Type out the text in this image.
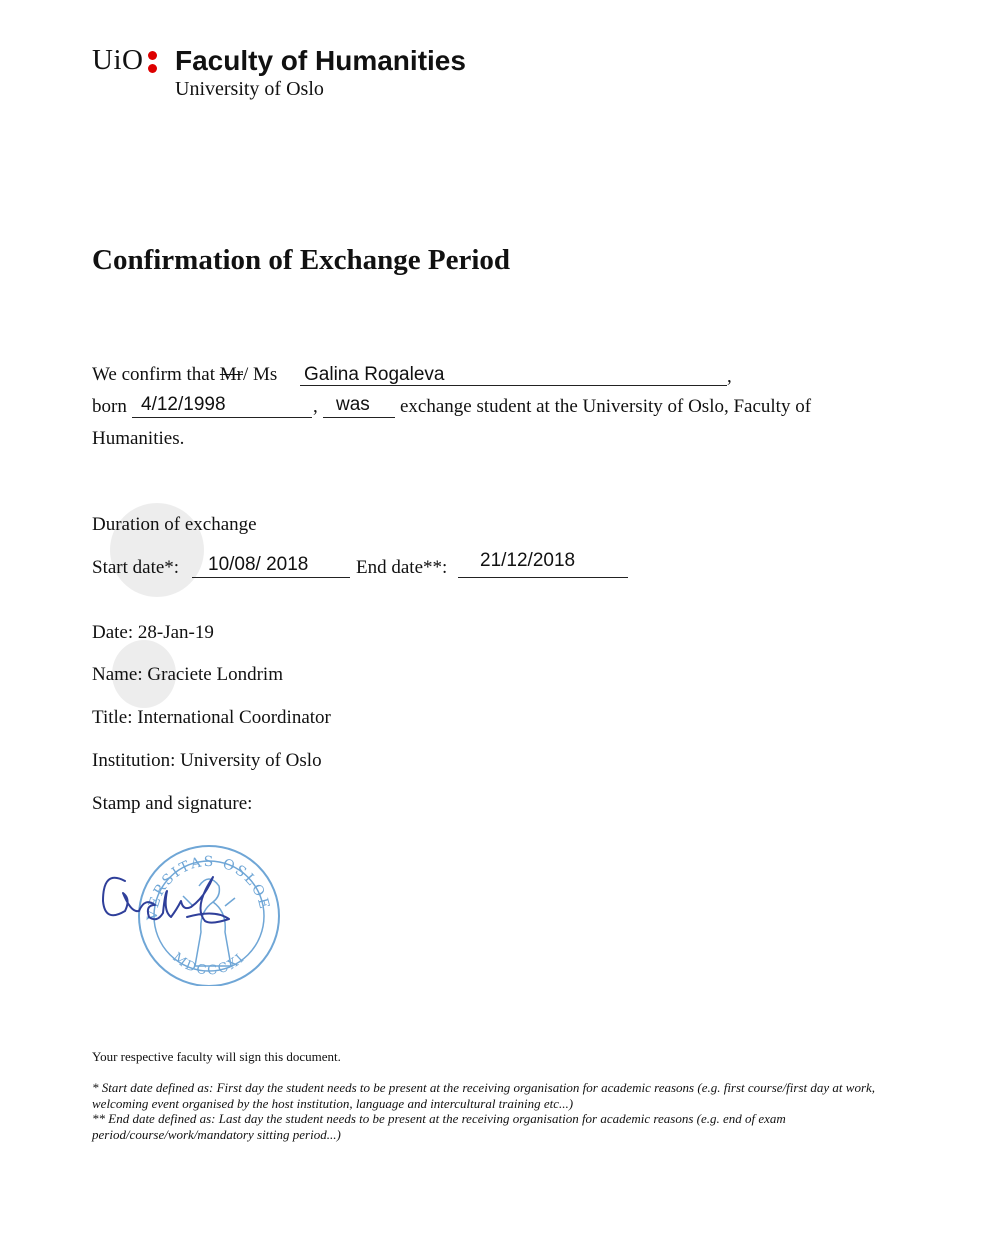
UiO Faculty of Humanities
University of Oslo
Confirmation of Exchange Period
We confirm that Mr/ Ms Galina Rogaleva	,
born 4/12/1998	, was exchange student at the University of Oslo, Faculty of
Humanities.
Duration of exchange
Start date*: 10/08/ 2018	End date**: 21/12/2018
Date: 28-Jan-19
Name: Graciete Londrim
Title: International Coordinator
Institution: University of Oslo
Stamp and signature:
VERSITAS OSLOE
MDCCCXI
Your respective faculty will sign this document.
* Start date defined as: First day the student needs to be present at the receiving organisation for academic reasons (e.g. first course/first day at work, welcoming event organised by the host institution, language and intercultural training etc...)
** End date defined as: Last day the student needs to be present at the receiving organisation for academic reasons (e.g. end of exam period/course/work/mandatory sitting period...)
